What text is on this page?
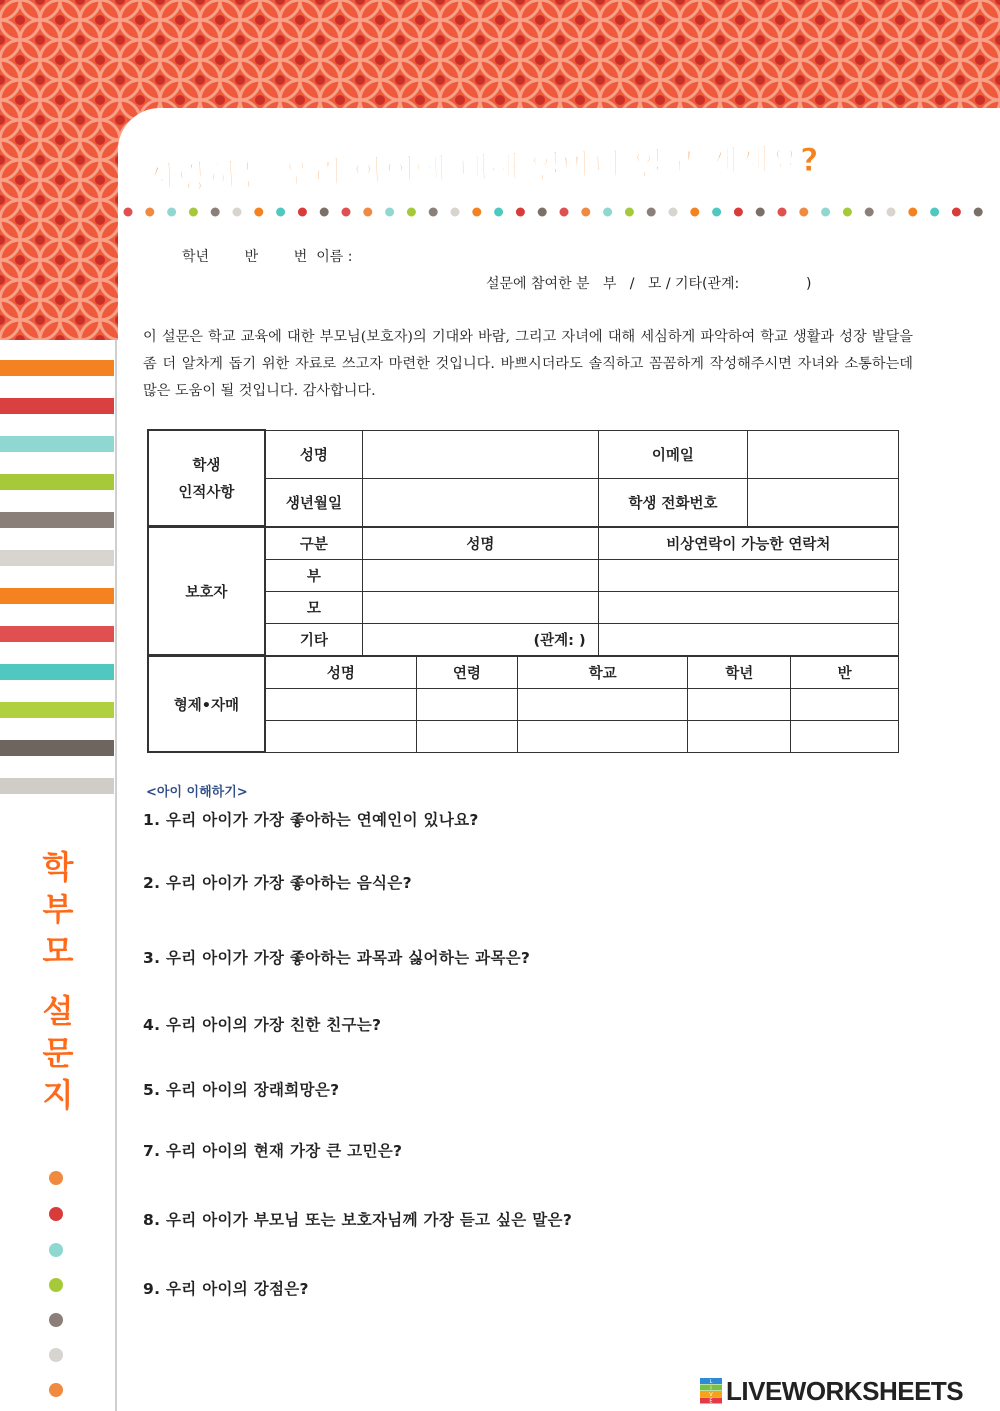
사랑하는 우리 아이에 대해 얼마나 알고 계세요?
학년        반        번  이름 :
설문에 참여한 분   부   /   모 / 기타(관계:               )
이 설문은 학교 교육에 대한 부모님(보호자)의 기대와 바람, 그리고 자녀에 대해 세심하게 파악하여 학교 생활과 성장 발달을 좀 더 알차게 돕기 위한 자료로 쓰고자 마련한 것입니다. 바쁘시더라도 솔직하고 꼼꼼하게 작성해주시면 자녀와 소통하는데 많은 도움이 될 것입니다. 감사합니다.
학생
인적사항	성명		이메일	
	생년월일		학생 전화번호	
보호자	구분	성명	비상연락이 가능한 연락처
	부		
	모		
	기타	(관계: )	
형제•자매	성명	연령	학교	학년	반

<아이 이해하기>
1. 우리 아이가 가장 좋아하는 연예인이 있나요?
2. 우리 아이가 가장 좋아하는 음식은?
3. 우리 아이가 가장 좋아하는 과목과 싫어하는 과목은?
4. 우리 아이의 가장 친한 친구는?
5. 우리 아이의 장래희망은?
7. 우리 아이의 현재 가장 큰 고민은?
8. 우리 아이가 부모님 또는 보호자님께 가장 듣고 싶은 말은?
9. 우리 아이의 강점은?
학
부
모
설
문
지
L
I
V
E LIVEWORKSHEETS
